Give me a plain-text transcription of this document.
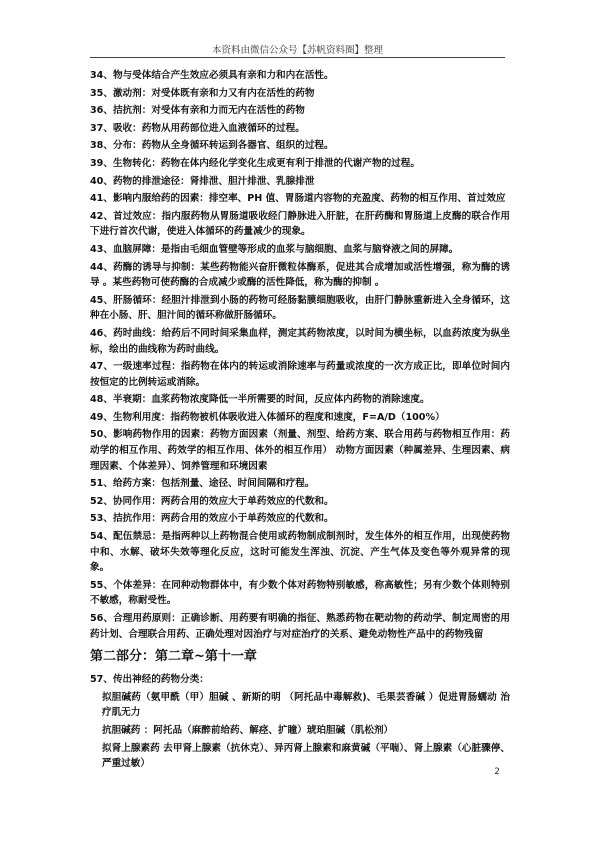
本资料由微信公众号【苏帆资料圈】整理
34、物与受体结合产生效应必须具有亲和力和内在活性。
35、激动剂：对受体既有亲和力又有内在活性的药物
36、拮抗剂：对受体有亲和力而无内在活性的药物
37、吸收：药物从用药部位进入血液循环的过程。
38、分布：药物从全身循环转运到各器官、组织的过程。
39、生物转化：药物在体内经化学变化生成更有利于排泄的代谢产物的过程。
40、药物的排泄途径：肾排泄、胆汁排泄、乳腺排泄
41、影响内服给药的因素：排空率、PH 值、胃肠道内容物的充盈度、药物的相互作用、首过效应
42、首过效应：指内服药物从胃肠道吸收经门静脉进入肝脏，在肝药酶和胃肠道上皮酶的联合作用下进行首次代谢，使进入体循环的药量减少的现象。
43、血脑屏障：是指由毛细血管壁等形成的血浆与脑细胞、血浆与脑脊液之间的屏障。
44、药酶的诱导与抑制：某些药物能兴奋肝微粒体酶系，促进其合成增加或活性增强，称为酶的诱导 。某些药物可使药酶的合成减少或酶的活性降低，称为酶的抑制 。
45、肝肠循环：经胆汁排泄到小肠的药物可经肠黏膜细胞吸收，由肝门静脉重新进入全身循环，这种在小肠、肝、胆汁间的循环称做肝肠循环。
46、药时曲线：给药后不同时间采集血样，测定其药物浓度，以时间为横坐标，以血药浓度为纵坐标，绘出的曲线称为药时曲线。
47、一级速率过程：指药物在体内的转运或消除速率与药量或浓度的一次方成正比，即单位时间内按恒定的比例转运或消除。
48、半衰期：血浆药物浓度降低一半所需要的时间，反应体内药物的消除速度。
49、生物利用度：指药物被机体吸收进入体循环的程度和速度，F=A/D（100%）
50、影响药物作用的因素：药物方面因素（剂量、剂型、给药方案、联合用药与药物相互作用：药动学的相互作用、药效学的相互作用、体外的相互作用） 动物方面因素（种属差异、生理因素、病理因素、个体差异）、饲养管理和环境因素
51、给药方案：包括剂量、途径、时间间隔和疗程。
52、协同作用：两药合用的效应大于单药效应的代数和。
53、拮抗作用：两药合用的效应小于单药效应的代数和。
54、配伍禁忌：是指两种以上药物混合使用或药物制成制剂时，发生体外的相互作用，出现使药物中和、水解、破坏失效等理化反应，这时可能发生浑浊、沉淀、产生气体及变色等外观异常的现象。
55、个体差异：在同种动物群体中，有少数个体对药物特别敏感，称高敏性；另有少数个体则特别不敏感，称耐受性。
56、合理用药原则：正确诊断、用药要有明确的指征、熟悉药物在靶动物的药动学、制定周密的用药计划、合理联合用药、正确处理对因治疗与对症治疗的关系、避免动物性产品中的药物残留
第二部分：第二章~第十一章
57、传出神经的药物分类：
拟胆碱药（氨甲酰（甲）胆碱 、新斯的明 （阿托品中毒解救)、毛果芸香碱 ）促进胃肠蠕动 治疗肌无力
抗胆碱药 ：阿托品（麻醉前给药、解痉、扩瞳）琥珀胆碱（肌松剂）
拟肾上腺素药 去甲肾上腺素（抗休克）、异丙肾上腺素和麻黄碱（平喘）、肾上腺素（心脏骤停、严重过敏）
2
